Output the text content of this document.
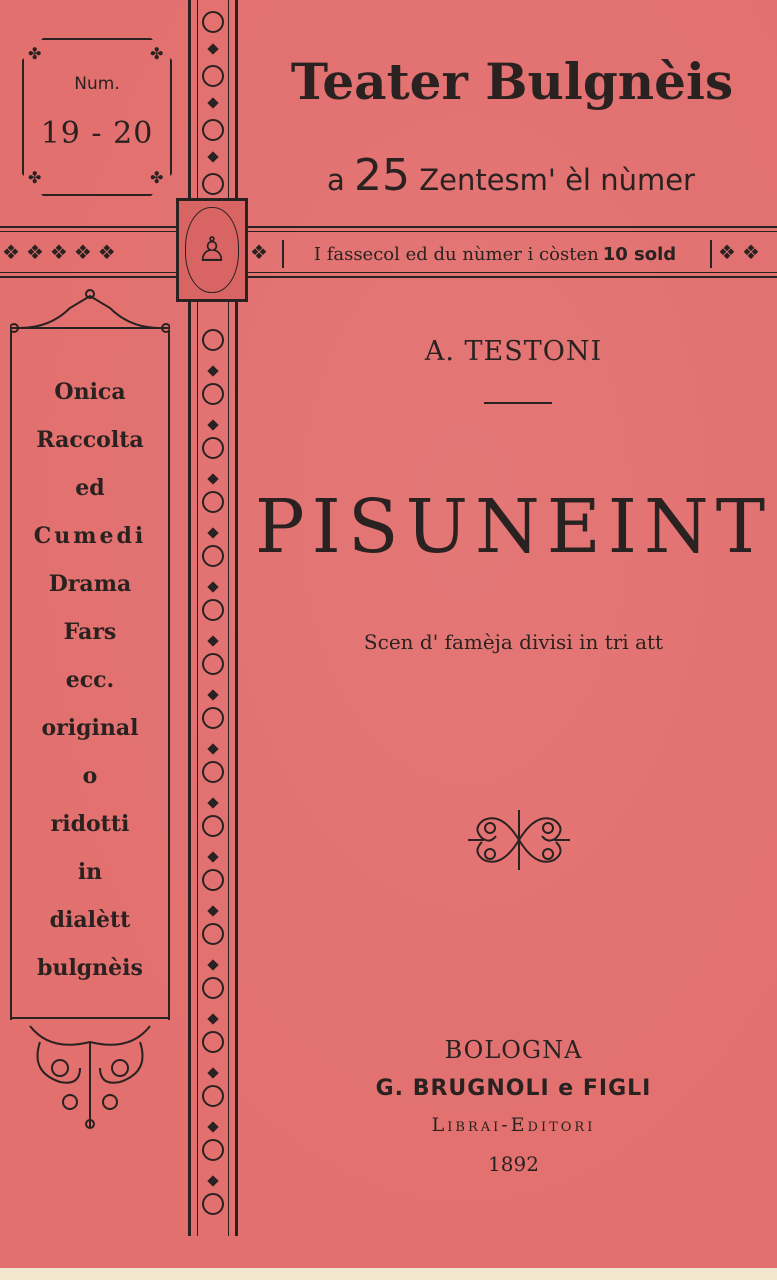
❖ ❖ ❖ ❖ ❖	❖	❖ ❖
♙
✤	✤
✤	✤
Num.
19 - 20
Teater Bulgnèis
a 25 Zentesm' èl nùmer
I fassecol ed du nùmer i còsten 10 sold
Onica
Raccolta
ed
Cumedi
Drama
Fars
ecc.
original
o
ridotti
in
dialètt
bulgnèis
A. TESTONI
PISUNEINT
Scen d' famèja divisi in tri att
BOLOGNA
G. BRUGNOLI e FIGLI
Librai-Editori
1892
